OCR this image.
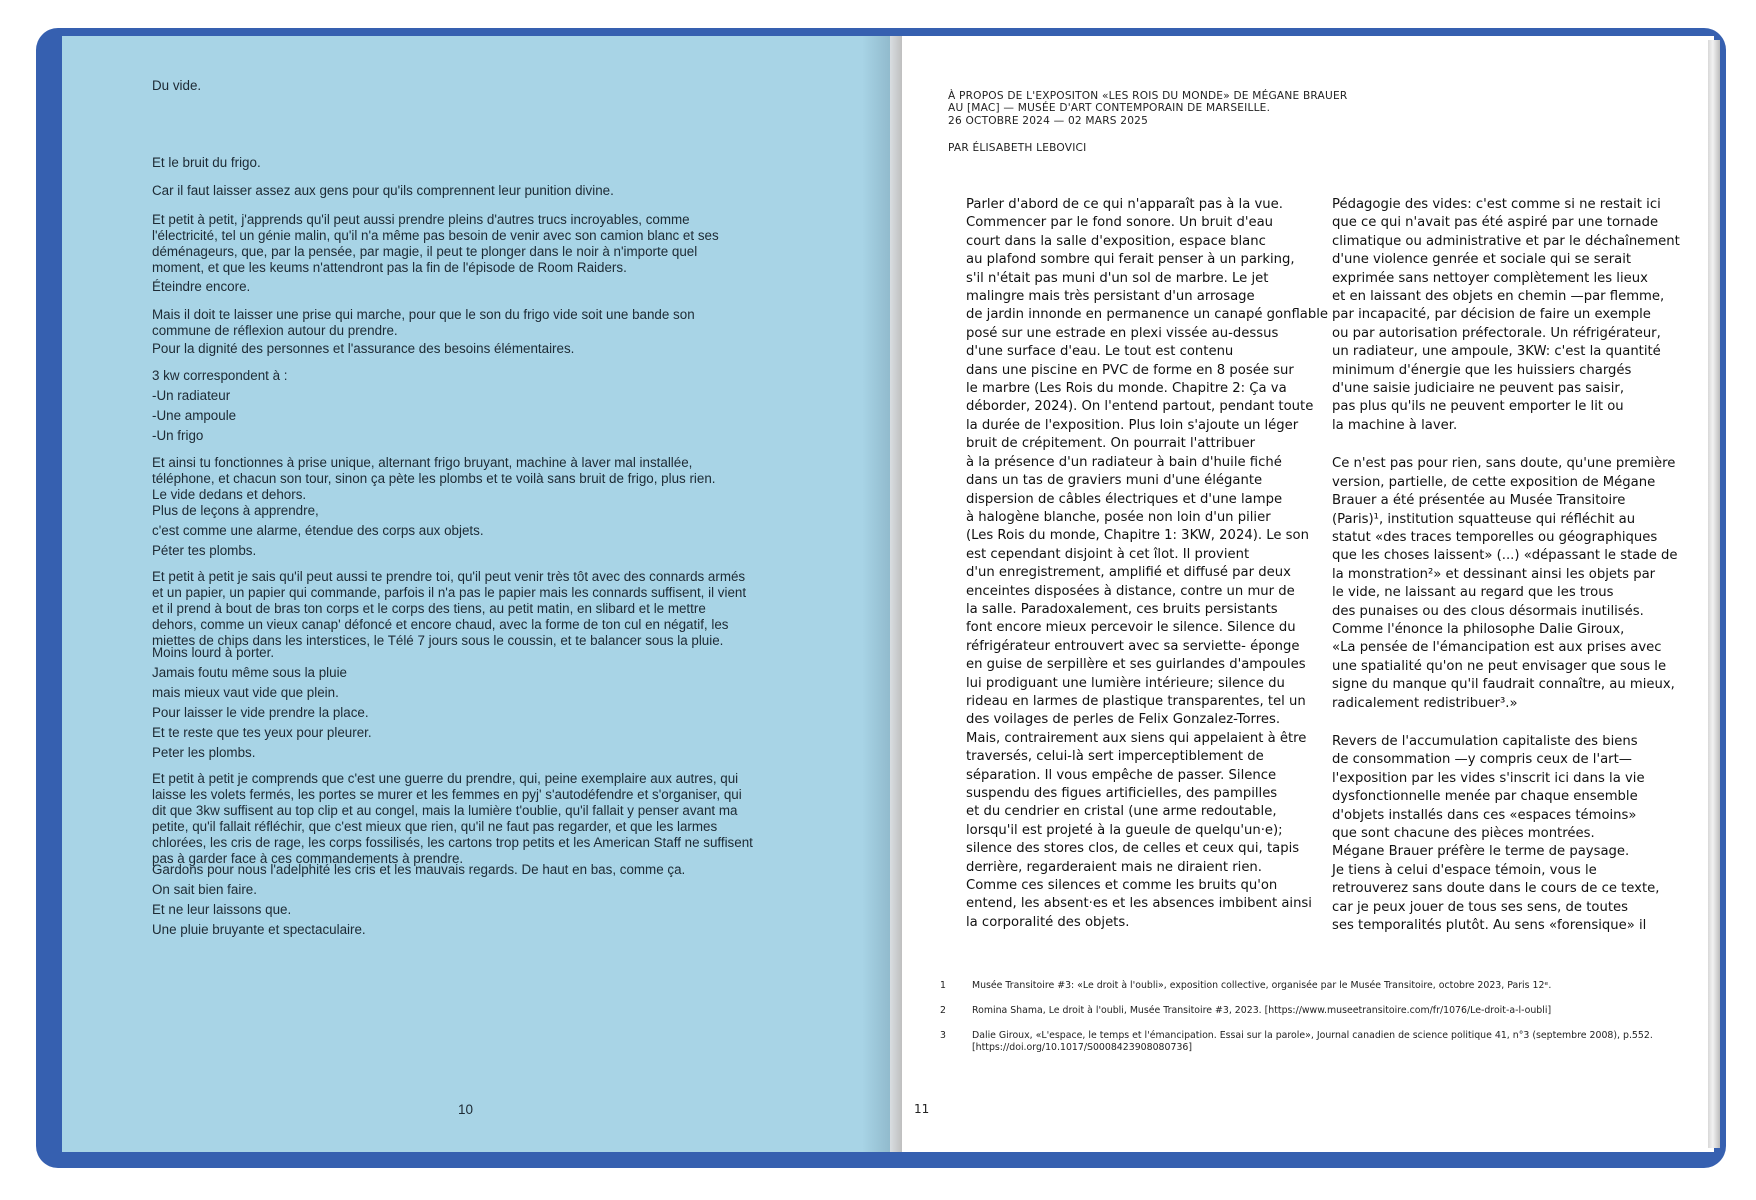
Du vide.

Et le bruit du frigo.

Car il faut laisser assez aux gens pour qu'ils comprennent leur punition divine.

Et petit à petit, j'apprends qu'il peut aussi prendre pleins d'autres trucs incroyables, comme
l'électricité, tel un génie malin, qu'il n'a même pas besoin de venir avec son camion blanc et ses
déménageurs, que, par la pensée, par magie, il peut te plonger dans le noir à n'importe quel
moment, et que les keums n'attendront pas la fin de l'épisode de Room Raiders.

Éteindre encore.

Mais il doit te laisser une prise qui marche, pour que le son du frigo vide soit une bande son
commune de réflexion autour du prendre.

Pour la dignité des personnes et l'assurance des besoins élémentaires.

3 kw correspondent à :

-Un radiateur

-Une ampoule

-Un frigo

Et ainsi tu fonctionnes à prise unique, alternant frigo bruyant, machine à laver mal installée,
téléphone, et chacun son tour, sinon ça pète les plombs et te voilà sans bruit de frigo, plus rien.
Le vide dedans et dehors.

Plus de leçons à apprendre,

c'est comme une alarme, étendue des corps aux objets.

Péter tes plombs.

Et petit à petit je sais qu'il peut aussi te prendre toi, qu'il peut venir très tôt avec des connards armés
et un papier, un papier qui commande, parfois il n'a pas le papier mais les connards suffisent, il vient
et il prend à bout de bras ton corps et le corps des tiens, au petit matin, en slibard et le mettre
dehors, comme un vieux canap' défoncé et encore chaud, avec la forme de ton cul en négatif, les
miettes de chips dans les interstices, le Télé 7 jours sous le coussin, et te balancer sous la pluie.

Moins lourd à porter.

Jamais foutu même sous la pluie

mais mieux vaut vide que plein.

Pour laisser le vide prendre la place.

Et te reste que tes yeux pour pleurer.

Peter les plombs.

Et petit à petit je comprends que c'est une guerre du prendre, qui, peine exemplaire aux autres, qui
laisse les volets fermés, les portes se murer et les femmes en pyj' s'autodéfendre et s'organiser, qui
dit que 3kw suffisent au top clip et au congel, mais la lumière t'oublie, qu'il fallait y penser avant ma
petite, qu'il fallait réfléchir, que c'est mieux que rien, qu'il ne faut pas regarder, et que les larmes
chlorées, les cris de rage, les corps fossilisés, les cartons trop petits et les American Staff ne suffisent
pas à garder face à ces commandements à prendre.

Gardons pour nous l'adelphité les cris et les mauvais regards. De haut en bas, comme ça.

On sait bien faire.

Et ne leur laissons que.

Une pluie bruyante et spectaculaire.

10
À PROPOS DE L'EXPOSITON «LES ROIS DU MONDE» DE MÉGANE BRAUER
AU [MAC] — MUSÉE D'ART CONTEMPORAIN DE MARSEILLE.
26 OCTOBRE 2024 — 02 MARS 2025
PAR ÉLISABETH LEBOVICI

Parler d'abord de ce qui n'apparaît pas à la vue.
Commencer par le fond sonore. Un bruit d'eau
court dans la salle d'exposition, espace blanc
au plafond sombre qui ferait penser à un parking,
s'il n'était pas muni d'un sol de marbre. Le jet
malingre mais très persistant d'un arrosage
de jardin innonde en permanence un canapé gonflable
posé sur une estrade en plexi vissée au-dessus
d'une surface d'eau. Le tout est contenu
dans une piscine en PVC de forme en 8 posée sur
le marbre (Les Rois du monde. Chapitre 2: Ça va
déborder, 2024). On l'entend partout, pendant toute
la durée de l'exposition. Plus loin s'ajoute un léger
bruit de crépitement. On pourrait l'attribuer
à la présence d'un radiateur à bain d'huile fiché
dans un tas de graviers muni d'une élégante
dispersion de câbles électriques et d'une lampe
à halogène blanche, posée non loin d'un pilier
(Les Rois du monde, Chapitre 1: 3KW, 2024). Le son
est cependant disjoint à cet îlot. Il provient
d'un enregistrement, amplifié et diffusé par deux
enceintes disposées à distance, contre un mur de
la salle. Paradoxalement, ces bruits persistants
font encore mieux percevoir le silence. Silence du
réfrigérateur entrouvert avec sa serviette- éponge
en guise de serpillère et ses guirlandes d'ampoules
lui prodiguant une lumière intérieure; silence du
rideau en larmes de plastique transparentes, tel un
des voilages de perles de Felix Gonzalez-Torres.
Mais, contrairement aux siens qui appelaient à être
traversés, celui-là sert imperceptiblement de
séparation. Il vous empêche de passer. Silence
suspendu des figues artificielles, des pampilles
et du cendrier en cristal (une arme redoutable,
lorsqu'il est projeté à la gueule de quelqu'un·e);
silence des stores clos, de celles et ceux qui, tapis
derrière, regarderaient mais ne diraient rien.
Comme ces silences et comme les bruits qu'on
entend, les absent·es et les absences imbibent ainsi
la corporalité des objets.

Pédagogie des vides: c'est comme si ne restait ici
que ce qui n'avait pas été aspiré par une tornade
climatique ou administrative et par le déchaînement
d'une violence genrée et sociale qui se serait
exprimée sans nettoyer complètement les lieux
et en laissant des objets en chemin —par flemme,
par incapacité, par décision de faire un exemple
ou par autorisation préfectorale. Un réfrigérateur,
un radiateur, une ampoule, 3KW: c'est la quantité
minimum d'énergie que les huissiers chargés
d'une saisie judiciaire ne peuvent pas saisir,
pas plus qu'ils ne peuvent emporter le lit ou
la machine à laver.

Ce n'est pas pour rien, sans doute, qu'une première
version, partielle, de cette exposition de Mégane
Brauer a été présentée au Musée Transitoire
(Paris)¹, institution squatteuse qui réfléchit au
statut «des traces temporelles ou géographiques
que les choses laissent» (...) «dépassant le stade de
la monstration²» et dessinant ainsi les objets par
le vide, ne laissant au regard que les trous
des punaises ou des clous désormais inutilisés.
Comme l'énonce la philosophe Dalie Giroux,
«La pensée de l'émancipation est aux prises avec
une spatialité qu'on ne peut envisager que sous le
signe du manque qu'il faudrait connaître, au mieux,
radicalement redistribuer³.»

Revers de l'accumulation capitaliste des biens
de consommation —y compris ceux de l'art—
l'exposition par les vides s'inscrit ici dans la vie
dysfonctionnelle menée par chaque ensemble
d'objets installés dans ces «espaces témoins»
que sont chacune des pièces montrées.
Mégane Brauer préfère le terme de paysage.
Je tiens à celui d'espace témoin, vous le
retrouverez sans doute dans le cours de ce texte,
car je peux jouer de tous ses sens, de toutes
ses temporalités plutôt. Au sens «forensique» il

1	Musée Transitoire #3: «Le droit à l'oubli», exposition collective, organisée par le Musée Transitoire, octobre 2023, Paris 12ᵉ.
2	Romina Shama, Le droit à l'oubli, Musée Transitoire #3, 2023. [https://www.museetransitoire.com/fr/1076/Le-droit-a-l-oubli]
3	Dalie Giroux, «L'espace, le temps et l'émancipation. Essai sur la parole», Journal canadien de science politique 41, n°3 (septembre 2008), p.552. [https://doi.org/10.1017/S0008423908080736]
11
